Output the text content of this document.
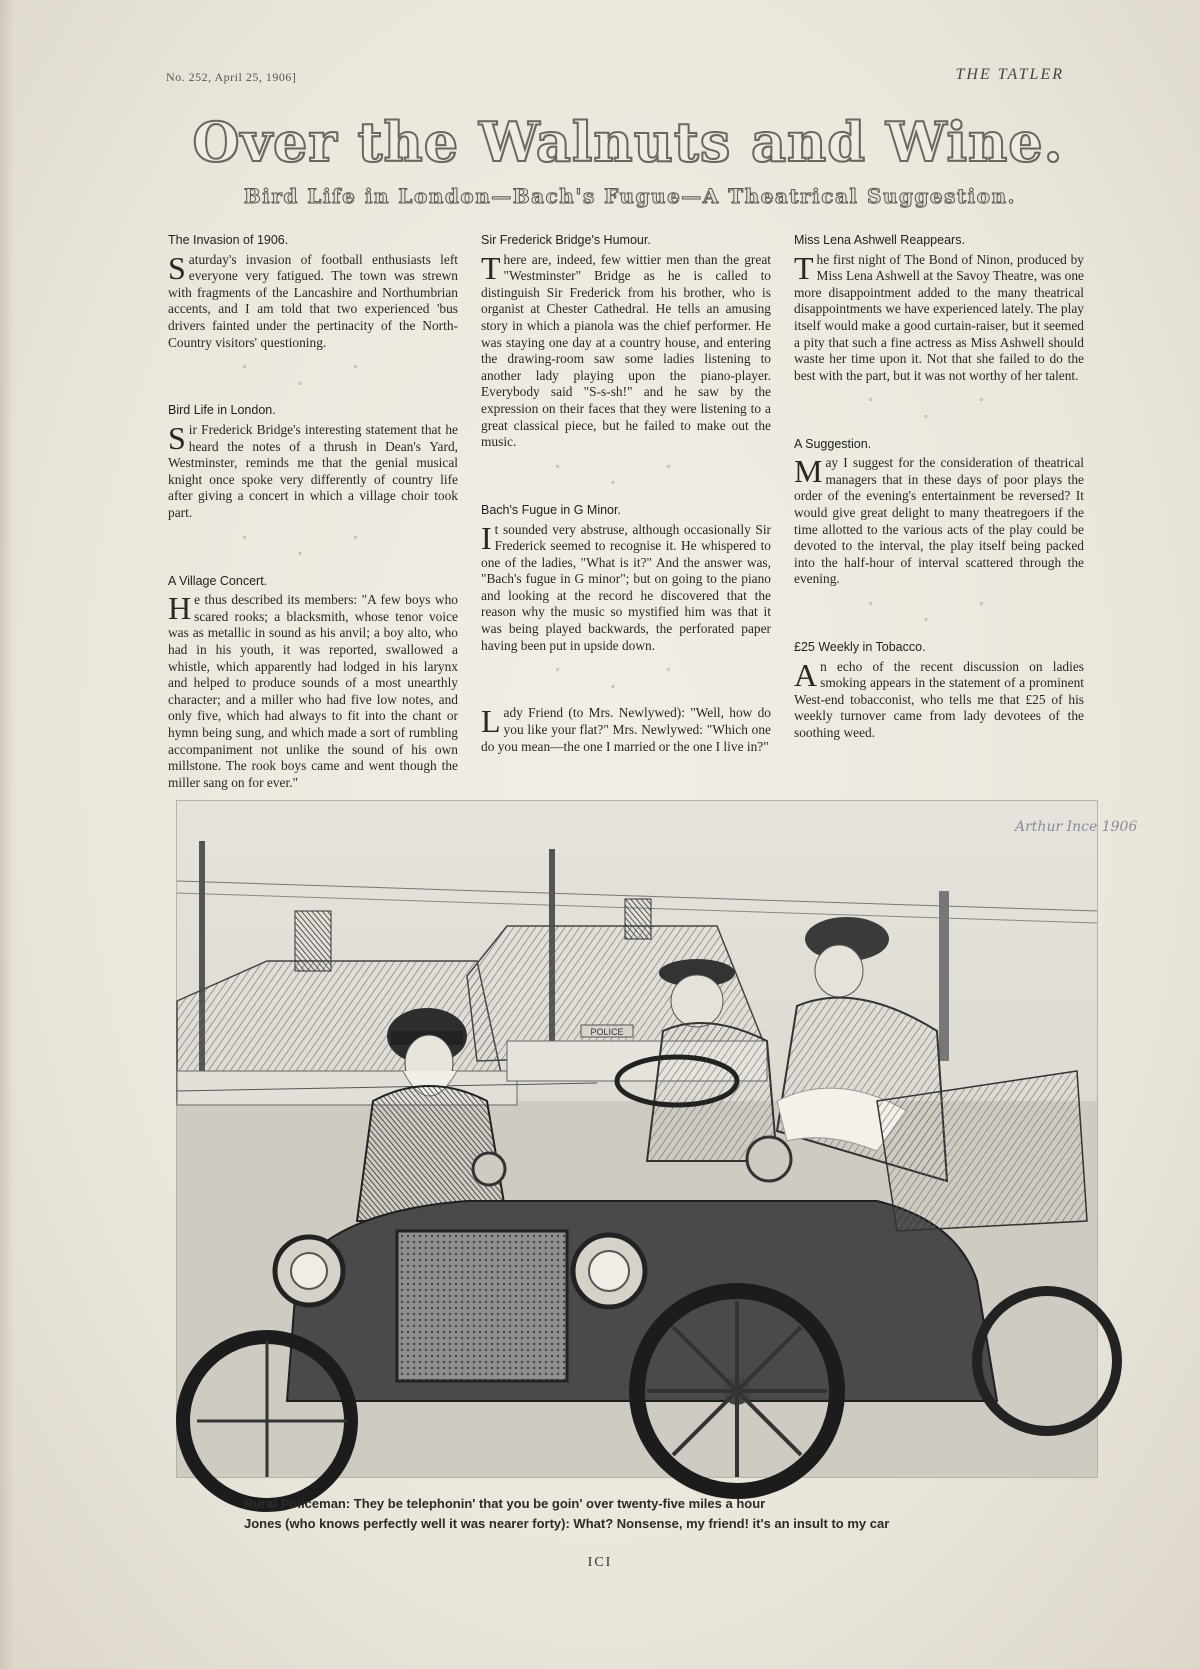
No. 252, April 25, 1906]	THE TATLER
Over the Walnuts and Wine.
Bird Life in London—Bach's Fugue—A Theatrical Suggestion.

The Invasion of 1906.

Saturday's invasion of football enthusiasts left everyone very fatigued. The town was strewn with fragments of the Lancashire and Northumbrian accents, and I am told that two experienced 'bus drivers fainted under the pertinacity of the North-Country visitors' questioning.

◦ ◦ ◦

Bird Life in London.

Sir Frederick Bridge's interesting statement that he heard the notes of a thrush in Dean's Yard, Westminster, reminds me that the genial musical knight once spoke very differently of country life after giving a concert in which a village choir took part.

◦ ◦ ◦

A Village Concert.

He thus described its members: "A few boys who scared rooks; a blacksmith, whose tenor voice was as metallic in sound as his anvil; a boy alto, who had in his youth, it was reported, swallowed a whistle, which apparently had lodged in his larynx and helped to produce sounds of a most unearthly character; and a miller who had five low notes, and only five, which had always to fit into the chant or hymn being sung, and which made a sort of rumbling accompaniment not unlike the sound of his own millstone. The rook boys came and went though the miller sang on for ever."

Sir Frederick Bridge's Humour.

There are, indeed, few wittier men than the great "Westminster" Bridge as he is called to distinguish Sir Frederick from his brother, who is organist at Chester Cathedral. He tells an amusing story in which a pianola was the chief performer. He was staying one day at a country house, and entering the drawing-room saw some ladies listening to another lady playing upon the piano-player. Everybody said "S-s-sh!" and he saw by the expression on their faces that they were listening to a great classical piece, but he failed to make out the music.

◦ ◦ ◦

Bach's Fugue in G Minor.

It sounded very abstruse, although occasionally Sir Frederick seemed to recognise it. He whispered to one of the ladies, "What is it?" And the answer was, "Bach's fugue in G minor"; but on going to the piano and looking at the record he discovered that the reason why the music so mystified him was that it was being played backwards, the perforated paper having been put in upside down.

◦ ◦ ◦

Lady Friend (to Mrs. Newlywed): "Well, how do you like your flat?" Mrs. Newlywed: "Which one do you mean—the one I married or the one I live in?"

Miss Lena Ashwell Reappears.

The first night of The Bond of Ninon, produced by Miss Lena Ashwell at the Savoy Theatre, was one more disappointment added to the many theatrical disappointments we have experienced lately. The play itself would make a good curtain-raiser, but it seemed a pity that such a fine actress as Miss Ashwell should waste her time upon it. Not that she failed to do the best with the part, but it was not worthy of her talent.

◦ ◦ ◦

A Suggestion.

May I suggest for the consideration of theatrical managers that in these days of poor plays the order of the evening's entertainment be reversed? It would give great delight to many theatregoers if the time allotted to the various acts of the play could be devoted to the interval, the play itself being packed into the half-hour of interval scattered through the evening.

◦ ◦ ◦

£25 Weekly in Tobacco.

An echo of the recent discussion on ladies smoking appears in the statement of a prominent West-end tobacconist, who tells me that £25 of his weekly turnover came from lady devotees of the soothing weed.

POLICE
Arthur Ince 1906
Rural Policeman: They be telephonin' that you be goin' over twenty-five miles a hour
Jones (who knows perfectly well it was nearer forty): What? Nonsense, my friend! it's an insult to my car
ICI
